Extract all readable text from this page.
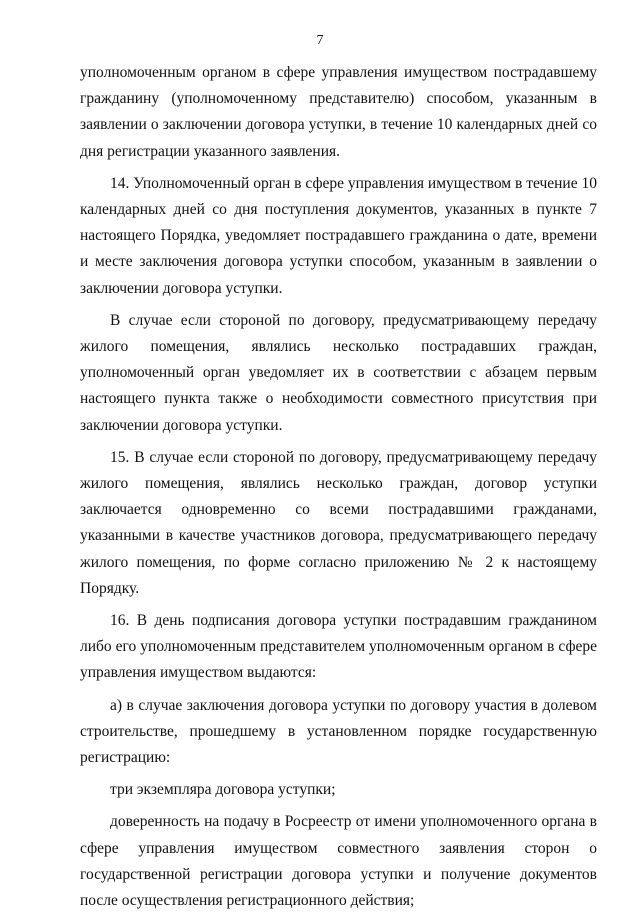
7

уполномоченным органом в сфере управления имуществом пострадавшему гражданину (уполномоченному представителю) способом, указанным в заявлении о заключении договора уступки, в течение 10 календарных дней со дня регистрации указанного заявления.

14. Уполномоченный орган в сфере управления имуществом в течение 10 календарных дней со дня поступления документов, указанных в пункте 7 настоящего Порядка, уведомляет пострадавшего гражданина о дате, времени и месте заключения договора уступки способом, указанным в заявлении о заключении договора уступки.

В случае если стороной по договору, предусматривающему передачу жилого помещения, являлись несколько пострадавших граждан, уполномоченный орган уведомляет их в соответствии с абзацем первым настоящего пункта также о необходимости совместного присутствия при заключении договора уступки.

15. В случае если стороной по договору, предусматривающему передачу жилого помещения, являлись несколько граждан, договор уступки заключается одновременно со всеми пострадавшими гражданами, указанными в качестве участников договора, предусматривающего передачу жилого помещения, по форме согласно приложению № 2 к настоящему Порядку.

16. В день подписания договора уступки пострадавшим гражданином либо его уполномоченным представителем уполномоченным органом в сфере управления имуществом выдаются:

а) в случае заключения договора уступки по договору участия в долевом строительстве, прошедшему в установленном порядке государственную регистрацию:

три экземпляра договора уступки;

доверенность на подачу в Росреестр от имени уполномоченного органа в сфере управления имуществом совместного заявления сторон о государственной регистрации договора уступки и получение документов после осуществления регистрационного действия;
